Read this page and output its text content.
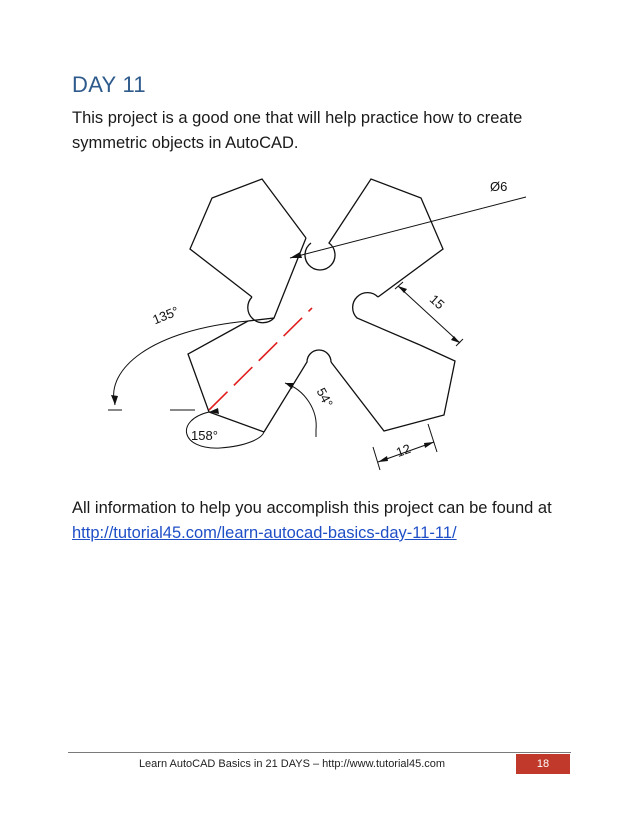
DAY 11
This project is a good one that will help practice how to create symmetric objects in AutoCAD.
Ø6
15
135°
54°
158°
12
All information to help you accomplish this project can be found at http://tutorial45.com/learn-autocad-basics-day-11-11/
Learn AutoCAD Basics in 21 DAYS – http://www.tutorial45.com	18
